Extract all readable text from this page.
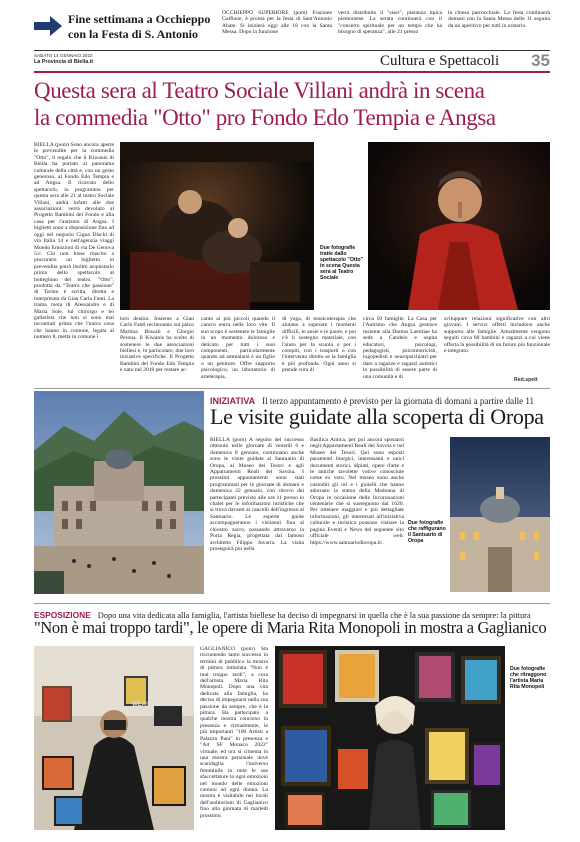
Fine settimana a Occhieppo
con la Festa di S. Antonio
OCCHIEPPO SUPERIORE (pom) Frazione Galfione, è pronta per la festa di Sant'Antonio Abate. Si inizierà oggi alle 18 con la Santa Messa. Dopo la funzione
verrà distribuito il "siser", pietanza tipica piemontese. La serata continuerà con il "concerto spirituale per un tempo che ha bisogno di speranza", alle 21 presso
la chiesa parrocchiale. La festa continuerà domani con la Santa Messa delle 11 seguita da un aperitivo per tutti in oratorio.
SABATO 14 GENNAIO 2023
La Provincia di Biella.it	Cultura e Spettacoli	35
Questa sera al Teatro Sociale Villani andrà in scena
la commedia "Otto" pro Fondo Edo Tempia e Angsa
BIELLA (pom) Sono ancora aperte le prevendite per la commedia "Otto", il regalo che il Kiwanis di Biella ha portato al panorama culturale della città e, con un gesto generoso, al Fondo Edo Tempia e ad Angsa. Il ricavato dello spettacolo, in programma per questa sera alle 21 al teatro Sociale Villani, andrà infatti alle due associazioni: verrà devoluto al Progetto Bambini del Fondo e alla casa per l'autismo di Angsa. I biglietti sono a disposizione fino ad oggi nel negozio Cigna Dischi di via Italia 14 e nell'agenzia viaggi Mondo Emozioni di via De Genova 5/c. Chi non fosse riuscito a procurarsi un biglietto in prevendita potrà inoltre acquistarlo prima dello spettacolo al botteghino del teatro. "Otto", prodotta da "Teatro che passione" di Torino è scritta, diretta e interpretata da Gian Carlo Fanti. La trama ruota di Alessandro e di Maria Sole, lui chirurgo e lei gallerista che non si sono mai incontrati prima che l'unica cosa che hanno in comune, legata al numero 8, metta in comune i
Due fotografie tratte dallo spettacolo "Otto" in scena Questa sera al Teatro Sociale
loro destini. Insieme a Gian Carlo Fanti reciteranno sul palco Martina Bracali e Giorgio Perona. Il Kiwanis ha scelto di sostenere le due associazioni biellesi e, in particolare, due loro iniziative specifiche. Il Progetto Bambini del Fondo Edo Tempia è nato nel 2010 per restare ac-
canto ai più piccoli quando il cancro entra nelle loro vite. Il suo scopo è sostenere le famiglie in un momento doloroso e delicato per tutti i suoi componenti, particolarmente quando ad ammalarsi è un figlio o un genitore. Offre supporto psicologico, un laboratorio di arteterapia,
di yoga, di musicoterapia che aiutano a superare i momenti difficili, le ansie e le paure, e poi c'è il sostegno materiale, con l'aiuto per la scuola o per i compiti, con i trasporti o con l'intervento diretto se la famiglia è più profonda. Ogni anno si prende cura di
circa 50 famiglie. La Casa per l'Autismo che Angsa gestisce insieme alla Domus Laetitiae ha sede a Candelo e ospita educatori, psicologi, pedagogisti, psicomotricisti, logopedisti e neuropsichiatri per dare a ragazze e ragazzi autistici la possibilità di essere parte di una comunità e di
sviluppare relazioni significative con altri giovani. I servizi offerti includono anche supporto alle famiglie. Attualmente vengono seguiti circa 80 bambini e ragazzi a cui viene offerta la possibilità di un futuro più funzionale e integrato.
Red.spett
INIZIATIVA Il terzo appuntamento è previsto per la giornata di domani a partire dalle 11
Le visite guidate alla scoperta di Oropa
BIELLA (pom) A seguito del successo ottenuto nelle giornate di venerdì 6 e domenica 8 gennaio, continuano anche sono le visite guidate al Santuario di Oropa, al Museo dei Tesori e agli Appartamenti Reali dei Savoia. I prossimi appuntamenti sono stati programmati per le giornate di domani e domenica 22 gennaio, con ritrovo dei partecipanti previsto alle ore 11 presso lo chalet per le informazioni turistiche che si trova davanti ai cancelli dell'ingresso al Santuario. Le esperte guide accompagneranno i visitatori fino al chiostro sacro, passando attraverso la Porta Regia, progettata dal famoso architetto Filippo Juvarra. La visita proseguirà poi nella
Basilica Antica, per poi ancora spostarsi negli Appartamenti Reali dei Savoia e nel Museo dei Tesori. Qui sono esposti paramenti liturgici, interessanti e unici documenti storici, dipinti, opere d'arte e le antiche tavolette votive conosciute come ex voto. Nel museo sono anche custoditi gli ori e i gioielli che hanno adornato la statua della Madonna di Oropa in occasione delle Incoronazioni centenarie che si susseguono dal 1620. Per ottenere maggiori e più dettagliate informazioni, gli interessati all'iniziativa culturale e turistica possono visitare la pagina Eventi e News del seguente sito ufficiale web: https://www.santuariodioropa.it/.
Due fotografie che raffigurano il Santuario di Oropa
ESPOSIZIONE Dopo una vita dedicata alla famiglia, l'artista biellese ha deciso di impegnarsi in quella che è la sua passione da sempre: la pittura
"Non è mai troppo tardi", le opere di Maria Rita Monopoli in mostra a Gaglianico
WEA!
GAGLIANICO (pom) Sta riscuotendo tanto successo in termini di pubblico la mostra di pittura intitolata "Non è mai troppo tardi", a cura dell'artista Maria Rita Monopoli. Dopo una vita dedicata alla famiglia, ha deciso di impegnarsi nella sua passione da sempre, che è la pittura. Ha partecipato a qualche mostra concorso in presenza e virtualmente, le più importanti "100 Artisti a Palazzo Pani" in presenza e "Art SF Monaco 2022" virtuale, ed ora si cimenta in una mostra personale dove scandaglia l'universo femminile in tutte le sue sfaccettature in ogni emozioni nel mondo delle emozioni comuni ad ogni donna. La mostra è visitabile nei locali dell'auditorium di Gaglianico fino alla giornata di martedì prossimo.
Due fotografie che ritraggono l'artista Maria Rita Monopoli
